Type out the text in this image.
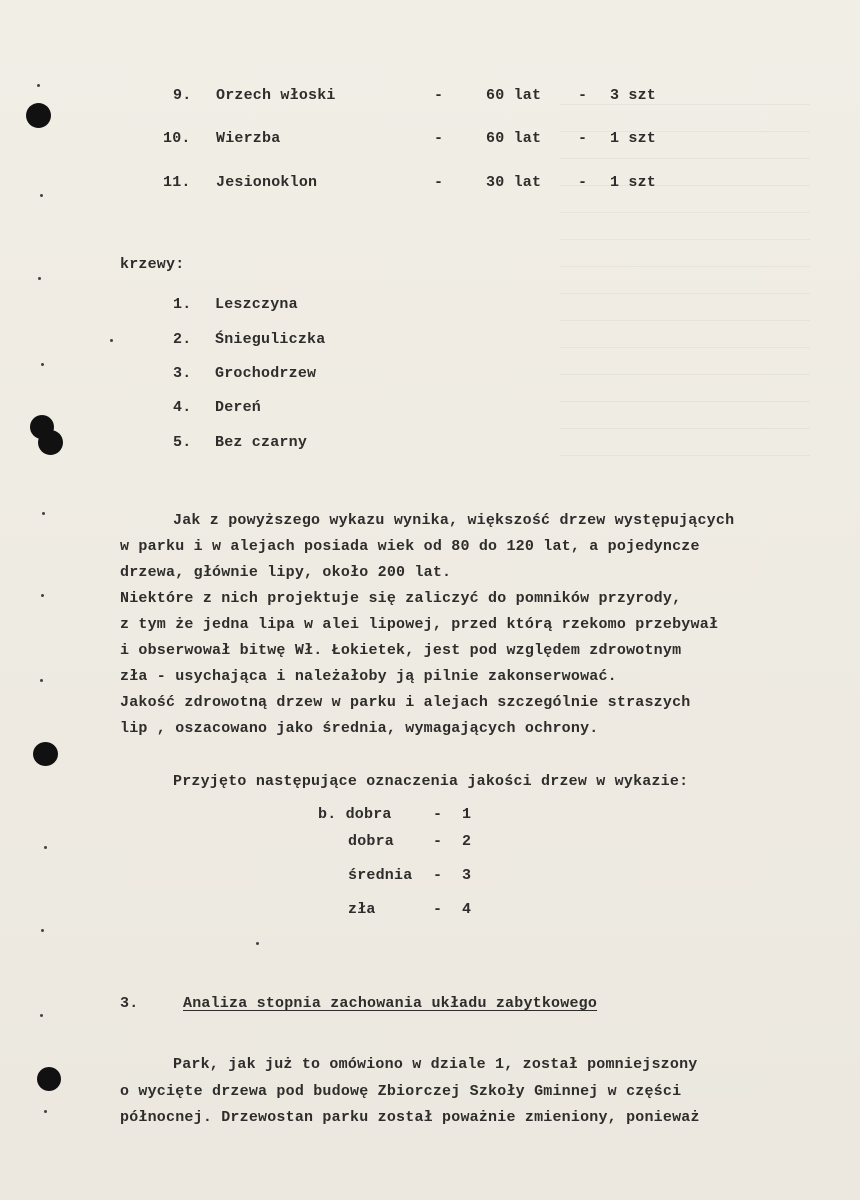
9. Orzech włoski	-	60 lat - 3 szt
10. Wierzba	-	60 lat - 1 szt
11. Jesionoklon	-	30 lat - 1 szt
krzewy:
1. Leszczyna
2. Śnieguliczka
3. Grochodrzew
4. Dereń
5. Bez czarny
Jak z powyższego wykazu wynika, większość drzew występujących
w parku i w alejach posiada wiek od 80 do 120 lat, a pojedyncze
drzewa, głównie lipy, około 200 lat.
Niektóre z nich projektuje się zaliczyć do pomników przyrody,
z tym że jedna lipa w alei lipowej, przed którą rzekomo przebywał
i obserwował bitwę Wł. Łokietek, jest pod względem zdrowotnym
zła - usychająca i należałoby ją pilnie zakonserwować.
Jakość zdrowotną drzew w parku i alejach szczególnie straszych
lip , oszacowano jako średnia, wymagających ochrony.
Przyjęto następujące oznaczenia jakości drzew w wykazie:
b. dobra	- 1
dobra	- 2
średnia - 3
zła	- 4
3.	Analiza stopnia zachowania układu zabytkowego
Park, jak już to omówiono w dziale 1, został pomniejszony
o wycięte drzewa pod budowę Zbiorczej Szkoły Gminnej w części
północnej. Drzewostan parku został poważnie zmieniony, ponieważ
